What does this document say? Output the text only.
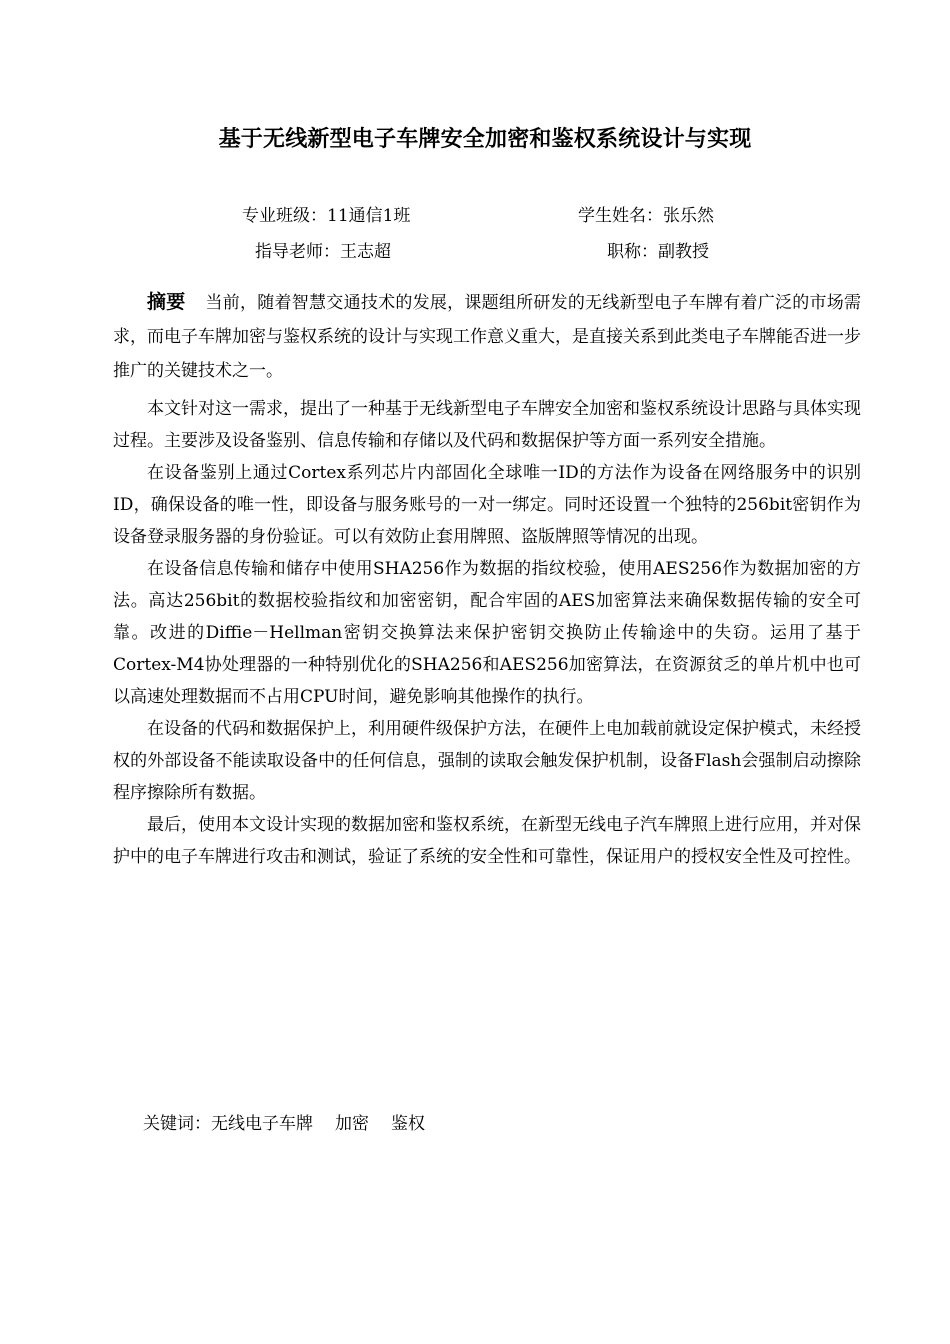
基于无线新型电子车牌安全加密和鉴权系统设计与实现
专业班级：11通信1班	学生姓名：张乐然
指导老师：王志超	职称：副教授

摘要 当前，随着智慧交通技术的发展，课题组所研发的无线新型电子车牌有着广泛的市场需求，而电子车牌加密与鉴权系统的设计与实现工作意义重大，是直接关系到此类电子车牌能否进一步推广的关键技术之一。

本文针对这一需求，提出了一种基于无线新型电子车牌安全加密和鉴权系统设计思路与具体实现过程。主要涉及设备鉴别、信息传输和存储以及代码和数据保护等方面一系列安全措施。

在设备鉴别上通过Cortex系列芯片内部固化全球唯一ID的方法作为设备在网络服务中的识别ID，确保设备的唯一性，即设备与服务账号的一对一绑定。同时还设置一个独特的256bit密钥作为设备登录服务器的身份验证。可以有效防止套用牌照、盗版牌照等情况的出现。

在设备信息传输和储存中使用SHA256作为数据的指纹校验，使用AES256作为数据加密的方法。高达256bit的数据校验指纹和加密密钥，配合牢固的AES加密算法来确保数据传输的安全可靠。改进的Diffie－Hellman密钥交换算法来保护密钥交换防止传输途中的失窃。运用了基于Cortex-M4协处理器的一种特别优化的SHA256和AES256加密算法，在资源贫乏的单片机中也可以高速处理数据而不占用CPU时间，避免影响其他操作的执行。

在设备的代码和数据保护上，利用硬件级保护方法，在硬件上电加载前就设定保护模式，未经授权的外部设备不能读取设备中的任何信息，强制的读取会触发保护机制，设备Flash会强制启动擦除程序擦除所有数据。

最后，使用本文设计实现的数据加密和鉴权系统，在新型无线电子汽车牌照上进行应用，并对保护中的电子车牌进行攻击和测试，验证了系统的安全性和可靠性，保证用户的授权安全性及可控性。

关键词：无线电子车牌 加密 鉴权
